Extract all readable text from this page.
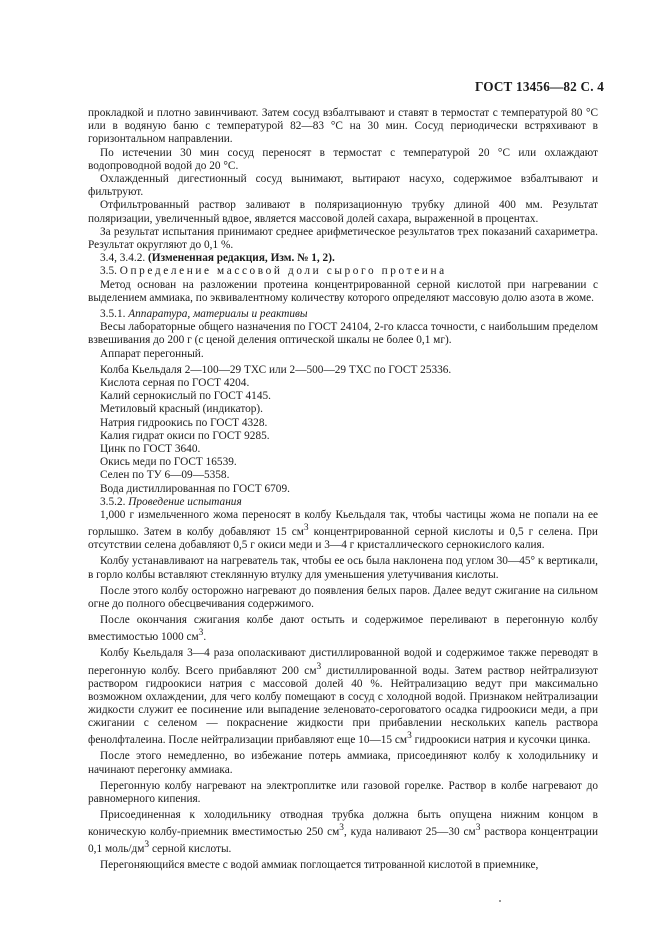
ГОСТ 13456—82 С. 4

прокладкой и плотно завинчивают. Затем сосуд взбалтывают и ставят в термостат с температурой 80 °С или в водяную баню с температурой 82—83 °С на 30 мин. Сосуд периодически встряхивают в горизонтальном направлении.

По истечении 30 мин сосуд переносят в термостат с температурой 20 °С или охлаждают водопроводной водой до 20 °С.

Охлажденный дигестионный сосуд вынимают, вытирают насухо, содержимое взбалтывают и фильтруют.

Отфильтрованный раствор заливают в поляризационную трубку длиной 400 мм. Результат поляризации, увеличенный вдвое, является массовой долей сахара, выраженной в процентах.

За результат испытания принимают среднее арифметическое результатов трех показаний сахариметра. Результат округляют до 0,1 %.

3.4, 3.4.2. (Измененная редакция, Изм. № 1, 2).

3.5. Определение массовой доли сырого протеина

Метод основан на разложении протеина концентрированной серной кислотой при нагревании с выделением аммиака, по эквивалентному количеству которого определяют массовую долю азота в жоме.

3.5.1. Аппаратура, материалы и реактивы

Весы лабораторные общего назначения по ГОСТ 24104, 2-го класса точности, с наибольшим пределом взвешивания до 200 г (с ценой деления оптической шкалы не более 0,1 мг).

Аппарат перегонный.

Колба Кьельдаля 2—100—29 ТХС или 2—500—29 ТХС по ГОСТ 25336.

Кислота серная по ГОСТ 4204.

Калий сернокислый по ГОСТ 4145.

Метиловый красный (индикатор).

Натрия гидроокись по ГОСТ 4328.

Калия гидрат окиси по ГОСТ 9285.

Цинк по ГОСТ 3640.

Окись меди по ГОСТ 16539.

Селен по ТУ 6—09—5358.

Вода дистиллированная по ГОСТ 6709.

3.5.2. Проведение испытания

1,000 г измельченного жома переносят в колбу Кьельдаля так, чтобы частицы жома не попали на ее горлышко. Затем в колбу добавляют 15 $см^3$ концентрированной серной кислоты и 0,5 г селена. При отсутствии селена добавляют 0,5 г окиси меди и 3—4 г кристаллического сернокислого калия.

Колбу устанавливают на нагреватель так, чтобы ее ось была наклонена под углом 30—45° к вертикали, в горло колбы вставляют стеклянную втулку для уменьшения улетучивания кислоты.

После этого колбу осторожно нагревают до появления белых паров. Далее ведут сжигание на сильном огне до полного обесцвечивания содержимого.

После окончания сжигания колбе дают остыть и содержимое переливают в перегонную колбу вместимостью 1000 $см^3$.

Колбу Кьельдаля 3—4 раза ополаскивают дистиллированной водой и содержимое также переводят в перегонную колбу. Всего прибавляют 200 $см^3$ дистиллированной воды. Затем раствор нейтрализуют раствором гидроокиси натрия с массовой долей 40 %. Нейтрализацию ведут при максимально возможном охлаждении, для чего колбу помещают в сосуд с холодной водой. Признаком нейтрализации жидкости служит ее посинение или выпадение зеленовато-сероговатого осадка гидроокиси меди, а при сжигании с селеном — покраснение жидкости при прибавлении нескольких капель раствора фенолфталеина. После нейтрализации прибавляют еще 10—15 $см^3$ гидроокиси натрия и кусочки цинка.

После этого немедленно, во избежание потерь аммиака, присоединяют колбу к холодильнику и начинают перегонку аммиака.

Перегонную колбу нагревают на электроплитке или газовой горелке. Раствор в колбе нагревают до равномерного кипения.

Присоединенная к холодильнику отводная трубка должна быть опущена нижним концом в коническую колбу-приемник вместимостью 250 $см^3$, куда наливают 25—30 $см^3$ раствора концентрации 0,1 моль/$дм^3$ серной кислоты.

Перегоняющийся вместе с водой аммиак поглощается титрованной кислотой в приемнике,
